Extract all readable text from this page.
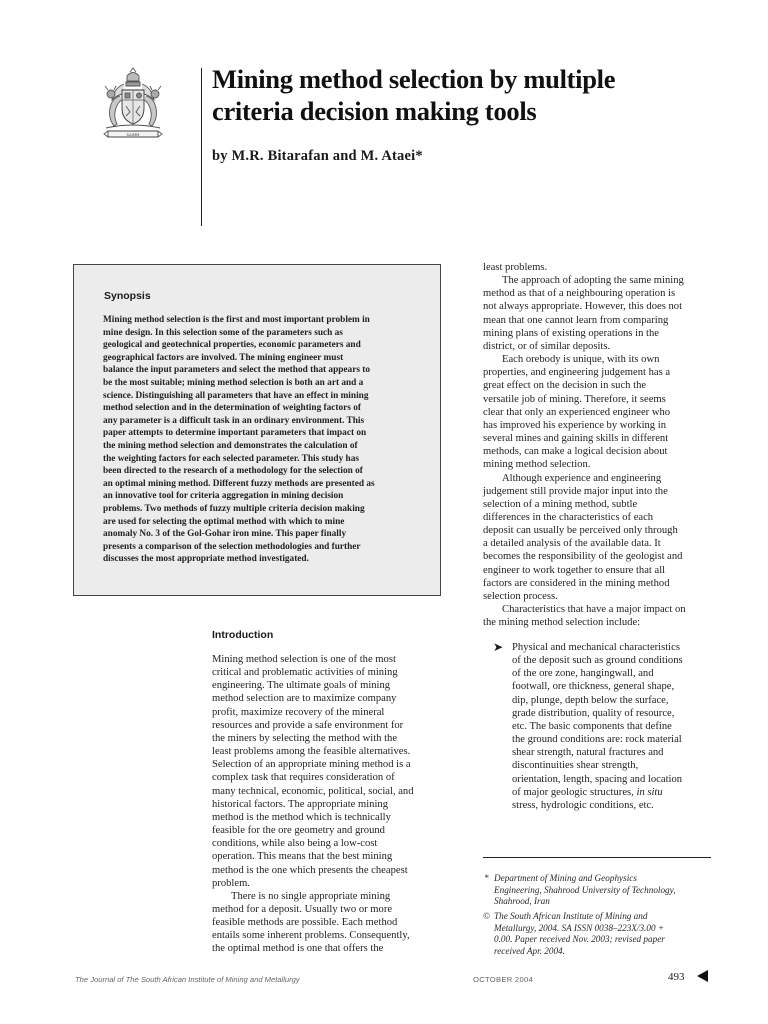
SAIMM
Mining method selection by multiple
criteria decision making tools

by M.R. Bitarafan and M. Ataei*

Synopsis
Mining method selection is the first and most important problem in
mine design. In this selection some of the parameters such as
geological and geotechnical properties, economic parameters and
geographical factors are involved. The mining engineer must
balance the input parameters and select the method that appears to
be the most suitable; mining method selection is both an art and a
science. Distinguishing all parameters that have an effect in mining
method selection and in the determination of weighting factors of
any parameter is a difficult task in an ordinary environment. This
paper attempts to determine important parameters that impact on
the mining method selection and demonstrates the calculation of
the weighting factors for each selected parameter. This study has
been directed to the research of a methodology for the selection of
an optimal mining method. Different fuzzy methods are presented as
an innovative tool for criteria aggregation in mining decision
problems. Two methods of fuzzy multiple criteria decision making
are used for selecting the optimal method with which to mine
anomaly No. 3 of the Gol-Gohar iron mine. This paper finally
presents a comparison of the selection methodologies and further
discusses the most appropriate method investigated.
Introduction
Mining method selection is one of the most
critical and problematic activities of mining
engineering. The ultimate goals of mining
method selection are to maximize company
profit, maximize recovery of the mineral
resources and provide a safe environment for
the miners by selecting the method with the
least problems among the feasible alternatives.
Selection of an appropriate mining method is a
complex task that requires consideration of
many technical, economic, political, social, and
historical factors. The appropriate mining
method is the method which is technically
feasible for the ore geometry and ground
conditions, while also being a low-cost
operation. This means that the best mining
method is the one which presents the cheapest
problem.
There is no single appropriate mining
method for a deposit. Usually two or more
feasible methods are possible. Each method
entails some inherent problems. Consequently,
the optimal method is one that offers the
least problems.
The approach of adopting the same mining
method as that of a neighbouring operation is
not always appropriate. However, this does not
mean that one cannot learn from comparing
mining plans of existing operations in the
district, or of similar deposits.
Each orebody is unique, with its own
properties, and engineering judgement has a
great effect on the decision in such the
versatile job of mining. Therefore, it seems
clear that only an experienced engineer who
has improved his experience by working in
several mines and gaining skills in different
methods, can make a logical decision about
mining method selection.
Although experience and engineering
judgement still provide major input into the
selection of a mining method, subtle
differences in the characteristics of each
deposit can usually be perceived only through
a detailed analysis of the available data. It
becomes the responsibility of the geologist and
engineer to work together to ensure that all
factors are considered in the mining method
selection process.
Characteristics that have a major impact on
the mining method selection include:
➤ Physical and mechanical characteristics
of the deposit such as ground conditions
of the ore zone, hangingwall, and
footwall, ore thickness, general shape,
dip, plunge, depth below the surface,
grade distribution, quality of resource,
etc. The basic components that define
the ground conditions are: rock material
shear strength, natural fractures and
discontinuities shear strength,
orientation, length, spacing and location
of major geologic structures, in situ
stress, hydrologic conditions, etc.
* Department of Mining and Geophysics
Engineering, Shahrood University of Technology,
Shahrood, Iran
© The South African Institute of Mining and
Metallurgy, 2004. SA ISSN 0038–223X/3.00 +
0.00. Paper received Nov. 2003; revised paper
received Apr. 2004.
The Journal of The South African Institute of Mining and Metallurgy	OCTOBER 2004	493
